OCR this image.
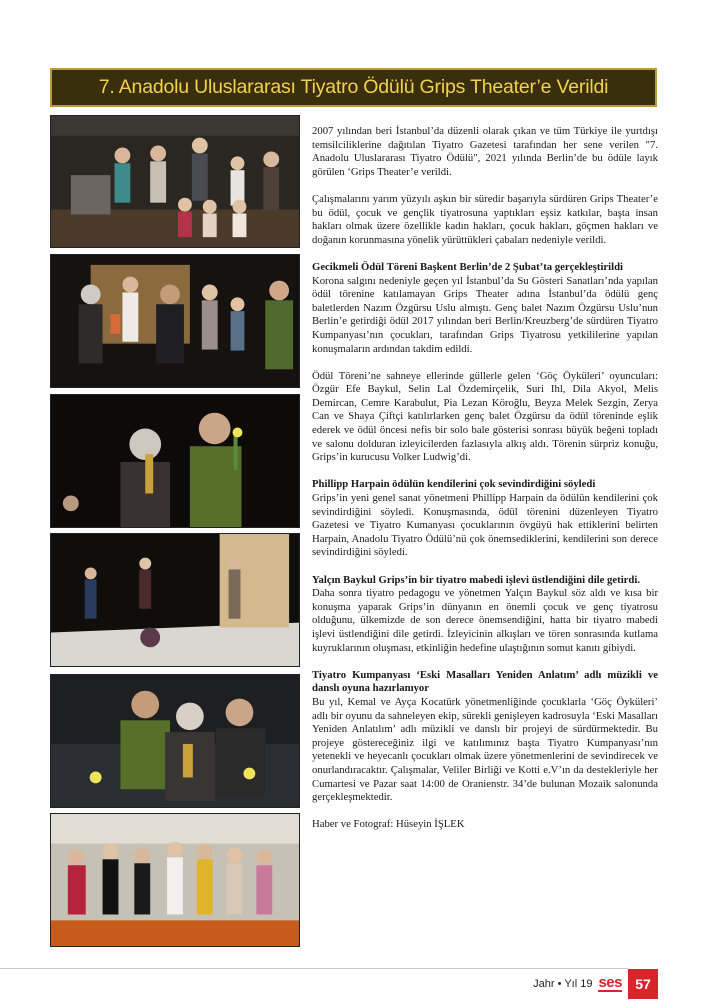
7. Anadolu Uluslararası Tiyatro Ödülü Grips Theater’e Verildi

2007 yılından beri İstanbul’da düzenli olarak çıkan ve tüm Türkiye ile yurtdışı temsilciliklerine dağıtılan Tiyatro Gazetesi tarafından her sene verilen "7. Anadolu Uluslararası Tiyatro Ödülü", 2021 yılında Berlin’de bu ödüle layık görülen ‘Grips Theater’e verildi.

Çalışmalarını yarım yüzyılı aşkın bir süredir başarıyla sürdüren Grips Theater’e bu ödül, çocuk ve gençlik tiyatrosuna yaptıkları eşsiz katkılar, başta insan hakları olmak üzere özellikle kadın hakları, çocuk hakları, göçmen hakları ve doğanın korunmasına yönelik yürüttükleri çabaları nedeniyle verildi.

Gecikmeli Ödül Töreni Başkent Berlin’de 2 Şubat’ta gerçekleştirildi
Korona salgını nedeniyle geçen yıl İstanbul’da Su Gösteri Sanatları’nda yapılan ödül törenine katılamayan Grips Theater adına İstanbul’da ödülü genç baletlerden Nazım Özgürsu Uslu almıştı. Genç balet Nazım Özgürsu Uslu’nun Berlin’e getirdiği ödül 2017 yılından beri Berlin/Kreuzberg’de sürdüren Tiyatro Kumpanyası’nın çocukları, tarafından Grips Tiyatrosu yetkililerine yapılan konuşmaların ardından takdim edildi.

Ödül Töreni’ne sahneye ellerinde güllerle gelen ‘Göç Öyküleri’ oyuncuları: Özgür Efe Baykul, Selin Lal Özdemirçelik, Suri Ihl, Dila Akyol, Melis Demircan, Cemre Karabulut, Pia Lezan Köroğlu, Beyza Melek Sezgin, Zerya Can ve Shaya Çiftçi katılırlarken genç balet Özgürsu da ödül töreninde eşlik ederek ve ödül öncesi nefis bir solo bale gösterisi sonrası büyük beğeni topladı ve salonu dolduran izleyicilerden fazlasıyla alkış aldı. Törenin sürpriz konuğu, Grips’in kurucusu Volker Ludwig’di.

Phillipp Harpain ödülün kendilerini çok sevindirdiğini söyledi
Grips’in yeni genel sanat yönetmeni Phillipp Harpain da ödülün kendilerini çok sevindirdiğini söyledi. Konuşmasında, ödül törenini düzenleyen Tiyatro Gazetesi ve Tiyatro Kumanyası çocuklarının övgüyü hak ettiklerini belirten Harpain, Anadolu Tiyatro Ödülü’nü çok önemsediklerini, kendilerini son derece sevindirdiğini söyledi.

Yalçın Baykul Grips’in bir tiyatro mabedi işlevi üstlendiğini dile getirdi.
Daha sonra tiyatro pedagogu ve yönetmen Yalçın Baykul söz aldı ve kısa bir konuşma yaparak Grips’in dünyanın en önemli çocuk ve genç tiyatrosu olduğunu, ülkemizde de son derece önemsendiğini, hatta bir tiyatro mabedi işlevi üstlendiğini dile getirdi. İzleyicinin alkışları ve tören sonrasında kutlama kuyruklarının oluşması, etkinliğin hedefine ulaştığının somut kanıtı gibiydi.

Tiyatro Kumpanyası ‘Eski Masalları Yeniden Anlatım’ adlı müzikli ve danslı oyuna hazırlanıyor
Bu yıl, Kemal ve Ayça Kocatürk yönetmenliğinde çocuklarla ‘Göç Öyküleri’ adlı bir oyunu da sahneleyen ekip, sürekli genişleyen kadrosuyla ‘Eski Masalları Yeniden Anlatılım’ adlı müzikli ve danslı bir projeyi de sürdürmektedir. Bu projeye göstereceğiniz ilgi ve katılımınız başta Tiyatro Kumpanyası’nın yetenekli ve heyecanlı çocukları olmak üzere yönetmenlerini de sevindirecek ve onurlandıracaktır. Çalışmalar, Veliler Birliği ve Kotti e.V’ın da destekleriyle her Cumartesi ve Pazar saat 14:00 de Oranienstr. 34’de bulunan Mozaik salonunda gerçekleşmektedir.

Haber ve Fotograf: Hüseyin İŞLEK

Jahr • Yıl 19 ses 57
